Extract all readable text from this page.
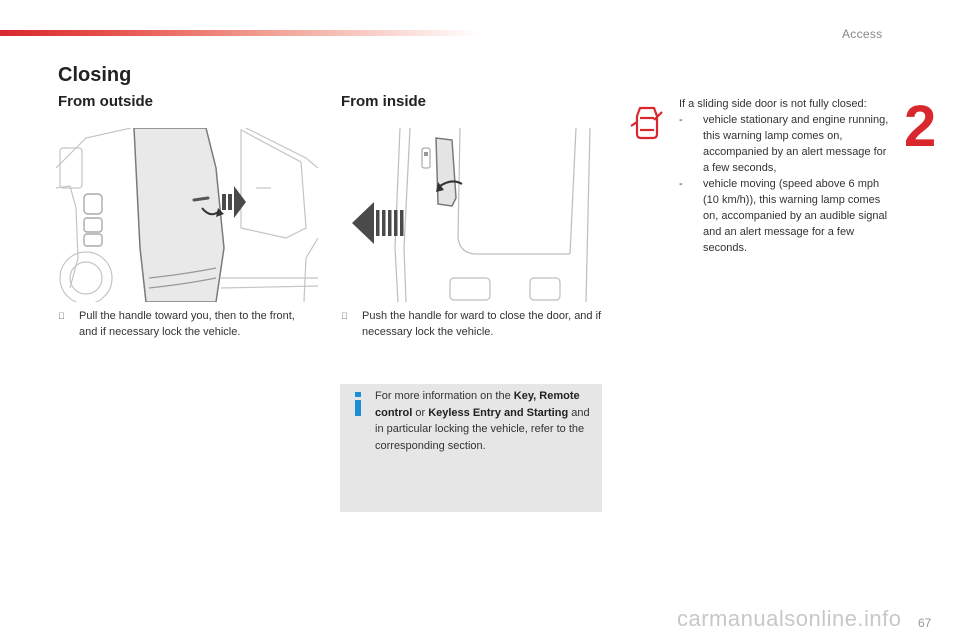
Access
2
Closing
From outside
Pull the handle toward you, then to the front, and if necessary lock the vehicle.
From inside
Push the handle for ward to close the door, and if necessary lock the vehicle.
For more information on the Key, Remote control or Keyless Entry and Starting and in particular locking the vehicle, refer to the corresponding section.
If a sliding side door is not fully closed:
- vehicle stationary and engine running, this warning lamp comes on, accompanied by an alert message for a few seconds,
- vehicle moving (speed above 6 mph (10 km/h)), this warning lamp comes on, accompanied by an audible signal and an alert message for a few seconds.
carmanualsonline.info 67
